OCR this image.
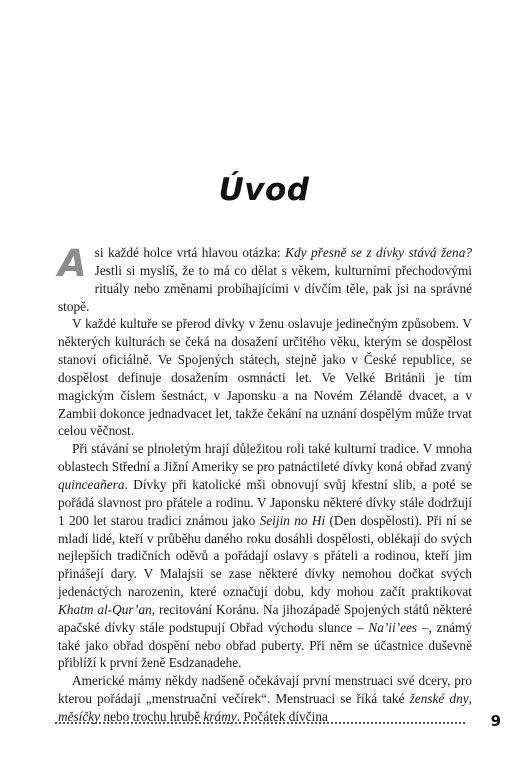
Úvod

Asi každé holce vrtá hlavou otázka: Kdy přesně se z dívky stává žena? Jestli si myslíš, že to má co dělat s věkem, kulturními přechodovými rituály nebo změnami probíhajícími v dívčím těle, pak jsi na správné stopě.

V každé kultuře se přerod dívky v ženu oslavuje jedinečným způsobem. V některých kulturách se čeká na dosažení určitého věku, kterým se dospělost stanoví oficiálně. Ve Spojených státech, stejně jako v České republice, se dospělost definuje dosažením osmnácti let. Ve Velké Británii je tím magickým číslem šestnáct, v Japonsku a na Novém Zélandě dvacet, a v Zambii dokonce jednadvacet let, takže čekání na uznání dospělým může trvat celou věčnost.

Při stávání se plnoletým hrají důležitou roli také kulturní tradice. V mnoha oblastech Střední a Jižní Ameriky se pro patnáctileté dívky koná obřad zvaný quinceañera. Dívky při katolické mši obnovují svůj křestní slib, a poté se pořádá slavnost pro přátele a rodinu. V Japonsku některé dívky stále dodržují 1 200 let starou tradici známou jako Seijin no Hi (Den dospělosti). Při ní se mladí lidé, kteří v průběhu daného roku dosáhli dospělosti, oblékají do svých nejlepších tradičních oděvů a pořádají oslavy s přáteli a rodinou, kteří jim přinášejí dary. V Malajsii se zase některé dívky nemohou dočkat svých jedenáctých narozenin, které označují dobu, kdy mohou začít praktikovat Khatm al-Qur’an, recitování Koránu. Na jihozápadě Spojených států některé apačské dívky stále podstupují Obřad východu slunce – Na’ii’ees –, známý také jako obřad dospění nebo obřad puberty. Při něm se účastnice duševně přiblíží k první ženě Esdzanadehe.

Americké mámy někdy nadšeně očekávají první menstruaci své dcery, pro kterou pořádají „menstruační večírek“. Menstruaci se říká také ženské dny, měsíčky nebo trochu hrubě krámy. Počátek dívčina	9
